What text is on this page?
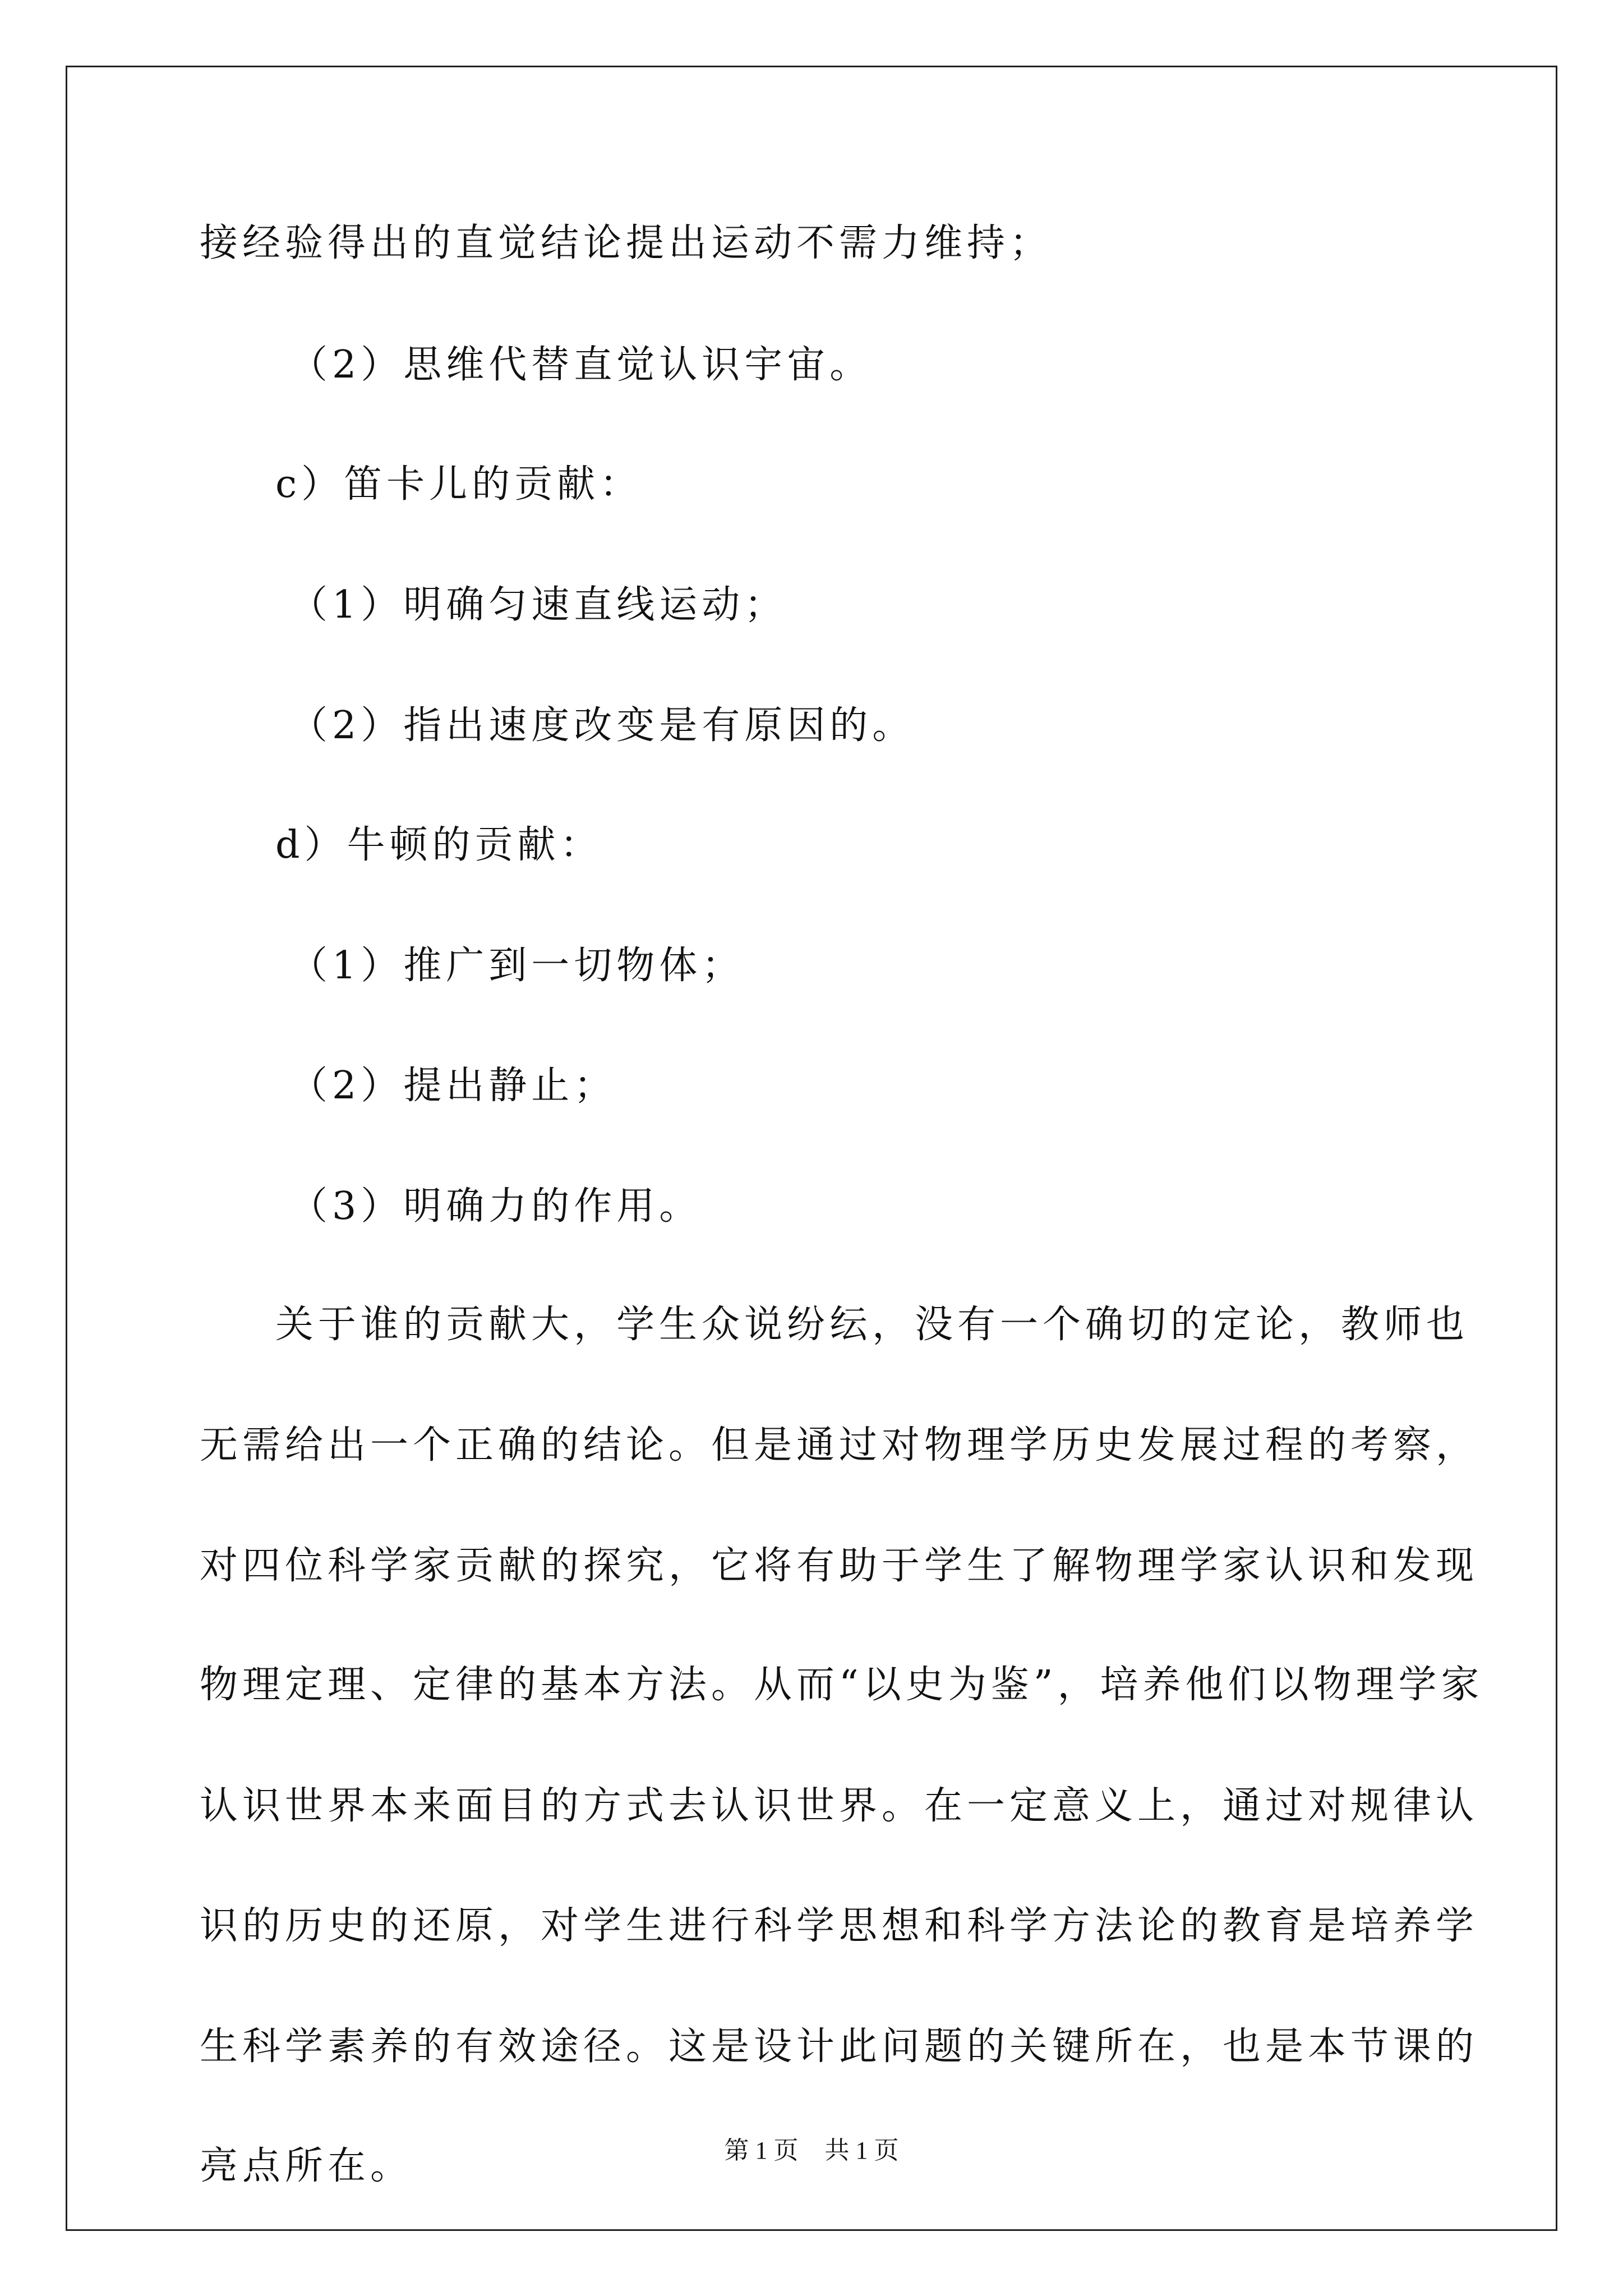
接经验得出的直觉结论提出运动不需力维持；
（2）思维代替直觉认识宇宙。
c）笛卡儿的贡献：
（1）明确匀速直线运动；
（2）指出速度改变是有原因的。
d）牛顿的贡献：
（1）推广到一切物体；
（2）提出静止；
（3）明确力的作用。
关于谁的贡献大，学生众说纷纭，没有一个确切的定论，教师也
无需给出一个正确的结论。但是通过对物理学历史发展过程的考察，
对四位科学家贡献的探究，它将有助于学生了解物理学家认识和发现
物理定理、定律的基本方法。从而“以史为鉴”，培养他们以物理学家
认识世界本来面目的方式去认识世界。在一定意义上，通过对规律认
识的历史的还原，对学生进行科学思想和科学方法论的教育是培养学
生科学素养的有效途径。这是设计此问题的关键所在，也是本节课的
亮点所在。	第 1 页 共 1 页
